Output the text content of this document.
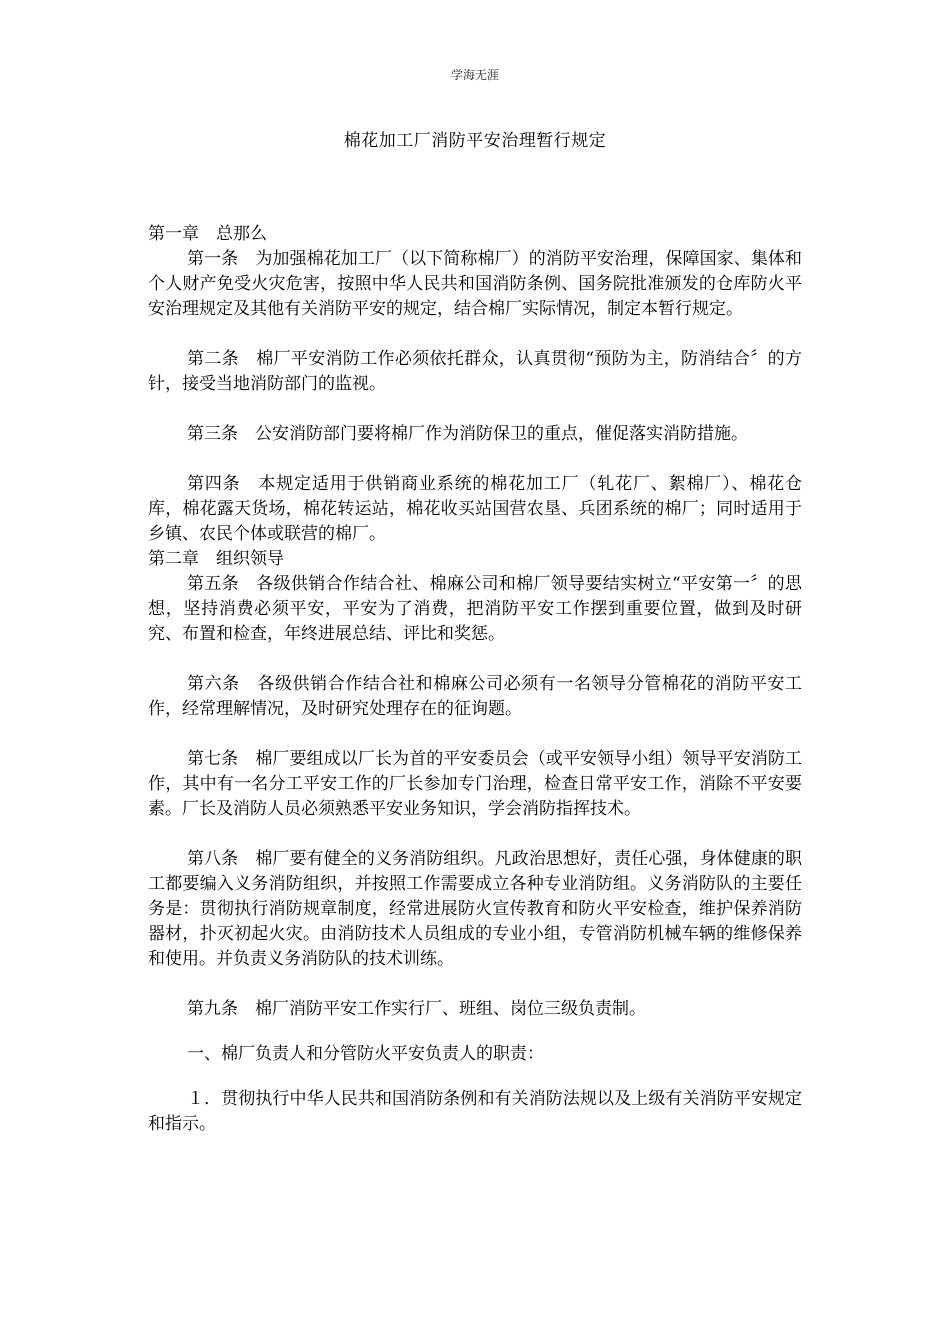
学海无涯
棉花加工厂消防平安治理暂行规定

第一章　总那么

第一条　为加强棉花加工厂（以下简称棉厂）的消防平安治理，保障国家、集体和个人财产免受火灾危害，按照中华人民共和国消防条例、国务院批准颁发的仓库防火平安治理规定及其他有关消防平安的规定，结合棉厂实际情况，制定本暂行规定。

第二条　棉厂平安消防工作必须依托群众，认真贯彻“预防为主，防消结合〞的方针，接受当地消防部门的监视。

第三条　公安消防部门要将棉厂作为消防保卫的重点，催促落实消防措施。

第四条　本规定适用于供销商业系统的棉花加工厂（轧花厂、絮棉厂）、棉花仓库，棉花露天货场，棉花转运站，棉花收买站国营农垦、兵团系统的棉厂；同时适用于乡镇、农民个体或联营的棉厂。

第二章　组织领导

第五条　各级供销合作结合社、棉麻公司和棉厂领导要结实树立“平安第一〞的思想，坚持消费必须平安，平安为了消费，把消防平安工作摆到重要位置，做到及时研究、布置和检查，年终进展总结、评比和奖惩。

第六条　各级供销合作结合社和棉麻公司必须有一名领导分管棉花的消防平安工作，经常理解情况，及时研究处理存在的征询题。

第七条　棉厂要组成以厂长为首的平安委员会（或平安领导小组）领导平安消防工作，其中有一名分工平安工作的厂长参加专门治理，检查日常平安工作，消除不平安要素。厂长及消防人员必须熟悉平安业务知识，学会消防指挥技术。

第八条　棉厂要有健全的义务消防组织。凡政治思想好，责任心强，身体健康的职工都要编入义务消防组织，并按照工作需要成立各种专业消防组。义务消防队的主要任务是：贯彻执行消防规章制度，经常进展防火宣传教育和防火平安检查，维护保养消防器材，扑灭初起火灾。由消防技术人员组成的专业小组，专管消防机械车辆的维修保养和使用。并负责义务消防队的技术训练。

第九条　棉厂消防平安工作实行厂、班组、岗位三级负责制。

一、棉厂负责人和分管防火平安负责人的职责：

１．贯彻执行中华人民共和国消防条例和有关消防法规以及上级有关消防平安规定和指示。
